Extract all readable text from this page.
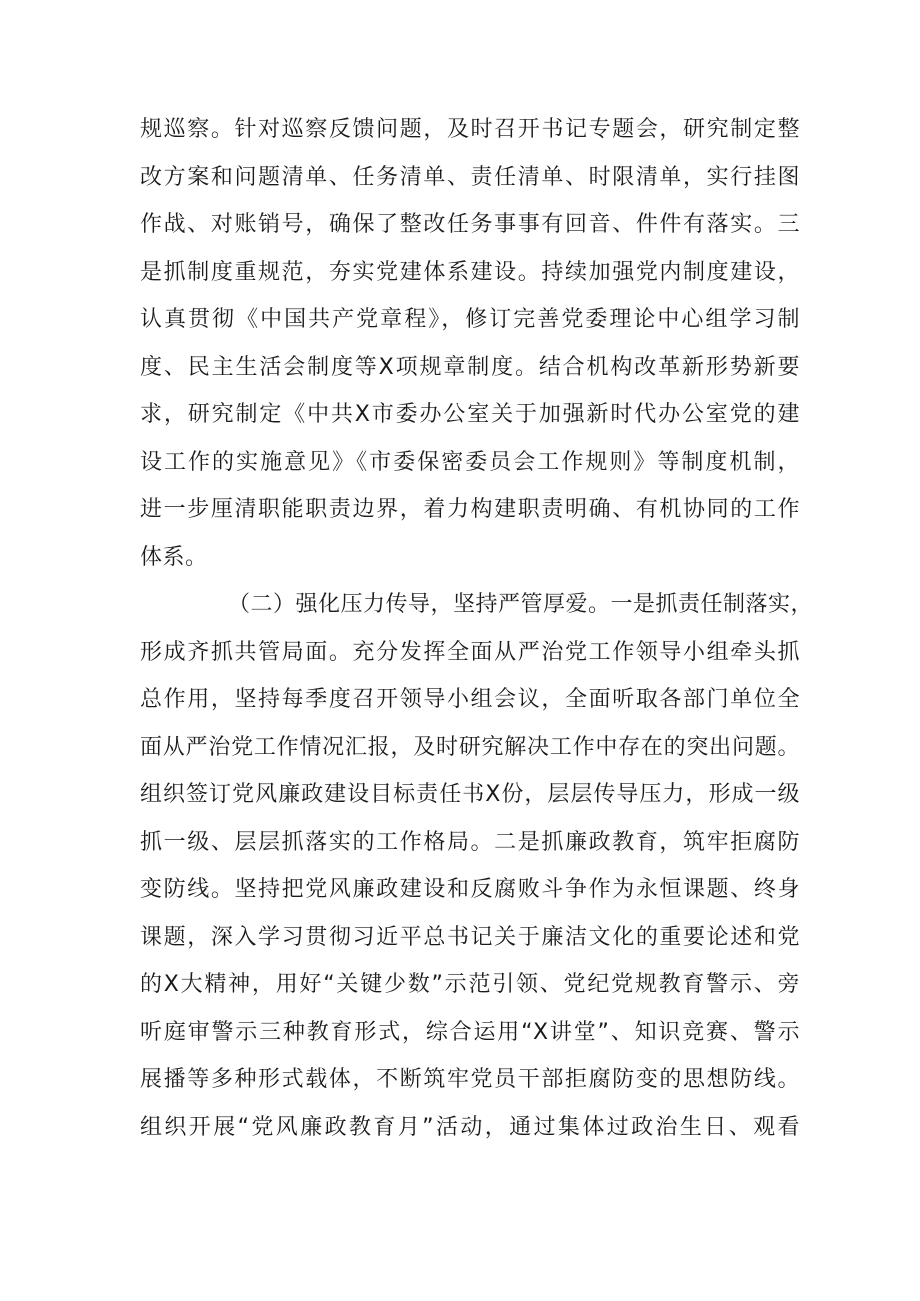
规巡察。针对巡察反馈问题，及时召开书记专题会，研究制定整
改方案和问题清单、任务清单、责任清单、时限清单，实行挂图
作战、对账销号，确保了整改任务事事有回音、件件有落实。三
是抓制度重规范，夯实党建体系建设。持续加强党内制度建设，
认真贯彻《中国共产党章程》，修订完善党委理论中心组学习制
度、民主生活会制度等X项规章制度。结合机构改革新形势新要
求，研究制定《中共X市委办公室关于加强新时代办公室党的建
设工作的实施意见》《市委保密委员会工作规则》等制度机制，
进一步厘清职能职责边界，着力构建职责明确、有机协同的工作
体系。
（二）强化压力传导，坚持严管厚爱。一是抓责任制落实，
形成齐抓共管局面。充分发挥全面从严治党工作领导小组牵头抓
总作用，坚持每季度召开领导小组会议，全面听取各部门单位全
面从严治党工作情况汇报，及时研究解决工作中存在的突出问题。
组织签订党风廉政建设目标责任书X份，层层传导压力，形成一级
抓一级、层层抓落实的工作格局。二是抓廉政教育，筑牢拒腐防
变防线。坚持把党风廉政建设和反腐败斗争作为永恒课题、终身
课题，深入学习贯彻习近平总书记关于廉洁文化的重要论述和党
的X大精神，用好“关键少数”示范引领、党纪党规教育警示、旁
听庭审警示三种教育形式，综合运用“X讲堂”、知识竞赛、警示
展播等多种形式载体，不断筑牢党员干部拒腐防变的思想防线。
组织开展“党风廉政教育月”活动，通过集体过政治生日、观看
